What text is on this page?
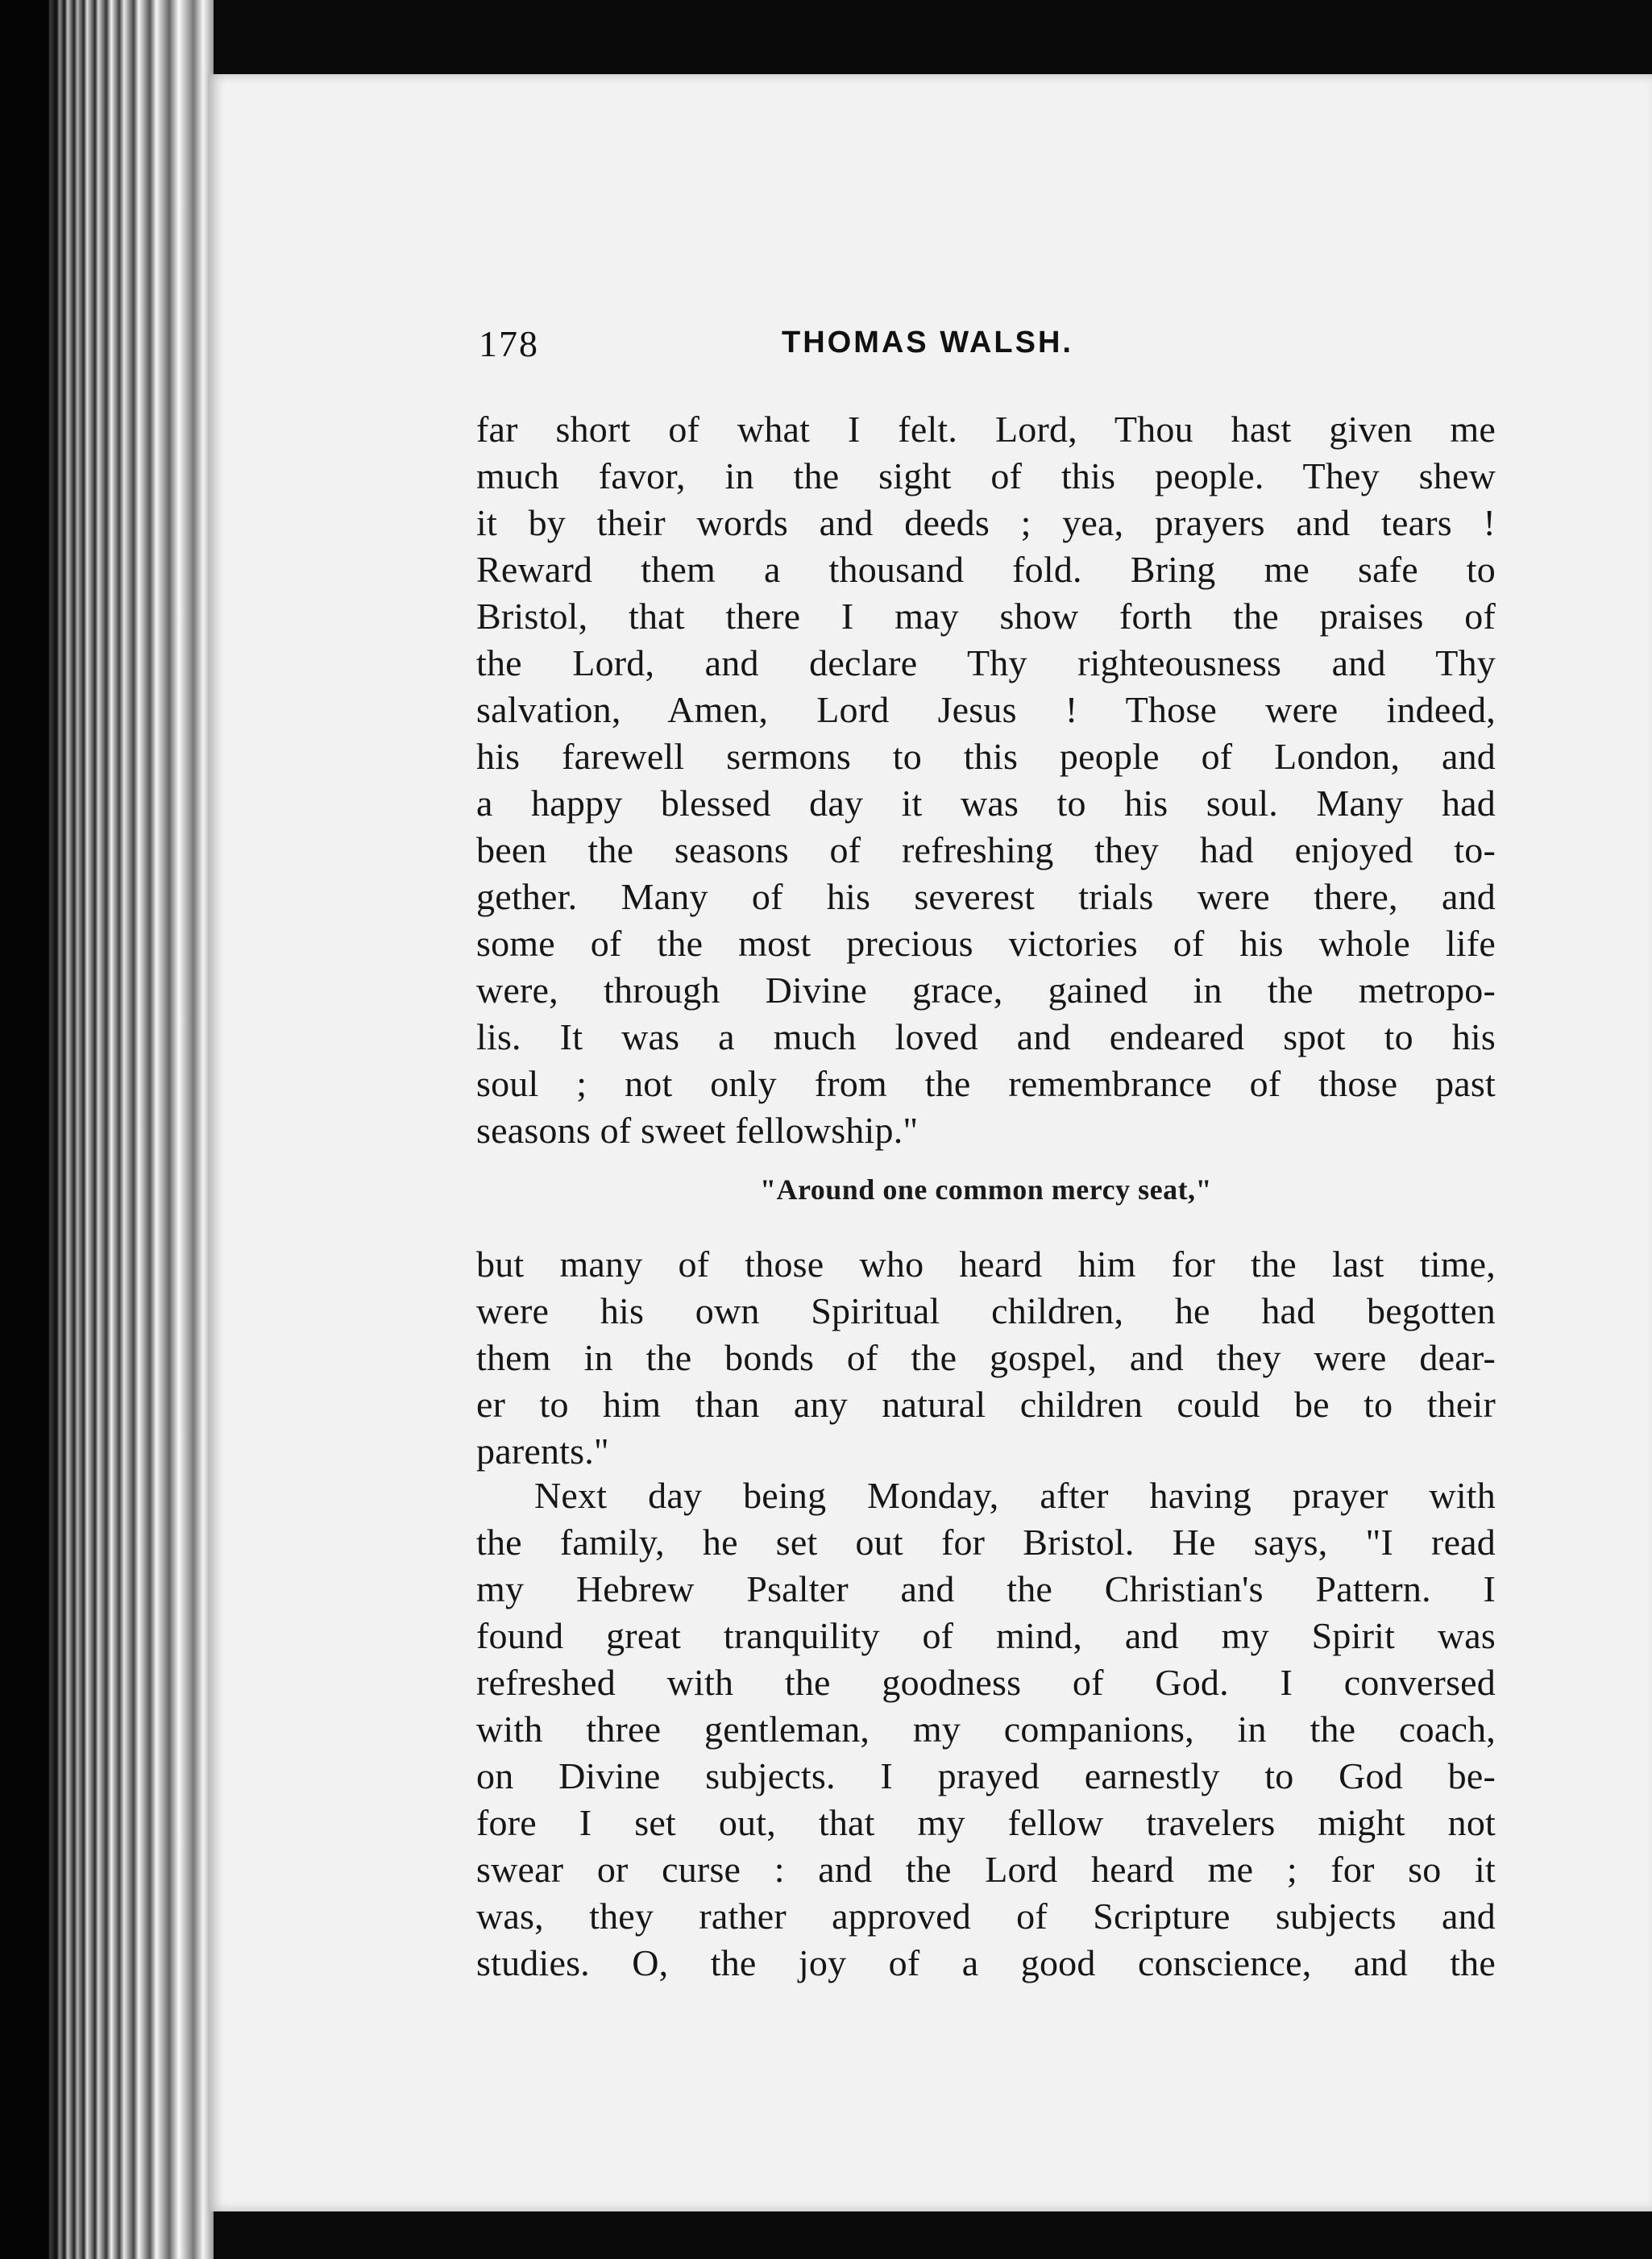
178	THOMAS WALSH.
far short of what I felt. Lord, Thou hast given me
much favor, in the sight of this people. They shew
it by their words and deeds ; yea, prayers and tears !
Reward them a thousand fold. Bring me safe to
Bristol, that there I may show forth the praises of
the Lord, and declare Thy righteousness and Thy
salvation, Amen, Lord Jesus ! Those were indeed,
his farewell sermons to this people of London, and
a happy blessed day it was to his soul. Many had
been the seasons of refreshing they had enjoyed to-
gether. Many of his severest trials were there, and
some of the most precious victories of his whole life
were, through Divine grace, gained in the metropo-
lis. It was a much loved and endeared spot to his
soul ; not only from the remembrance of those past
seasons of sweet fellowship."
"Around one common mercy seat,"
but many of those who heard him for the last time,
were his own Spiritual children, he had begotten
them in the bonds of the gospel, and they were dear-
er to him than any natural children could be to their
parents."
Next day being Monday, after having prayer with
the family, he set out for Bristol. He says, "I read
my Hebrew Psalter and the Christian's Pattern. I
found great tranquility of mind, and my Spirit was
refreshed with the goodness of God. I conversed
with three gentleman, my companions, in the coach,
on Divine subjects. I prayed earnestly to God be-
fore I set out, that my fellow travelers might not
swear or curse : and the Lord heard me ; for so it
was, they rather approved of Scripture subjects and
studies. O, the joy of a good conscience, and the
